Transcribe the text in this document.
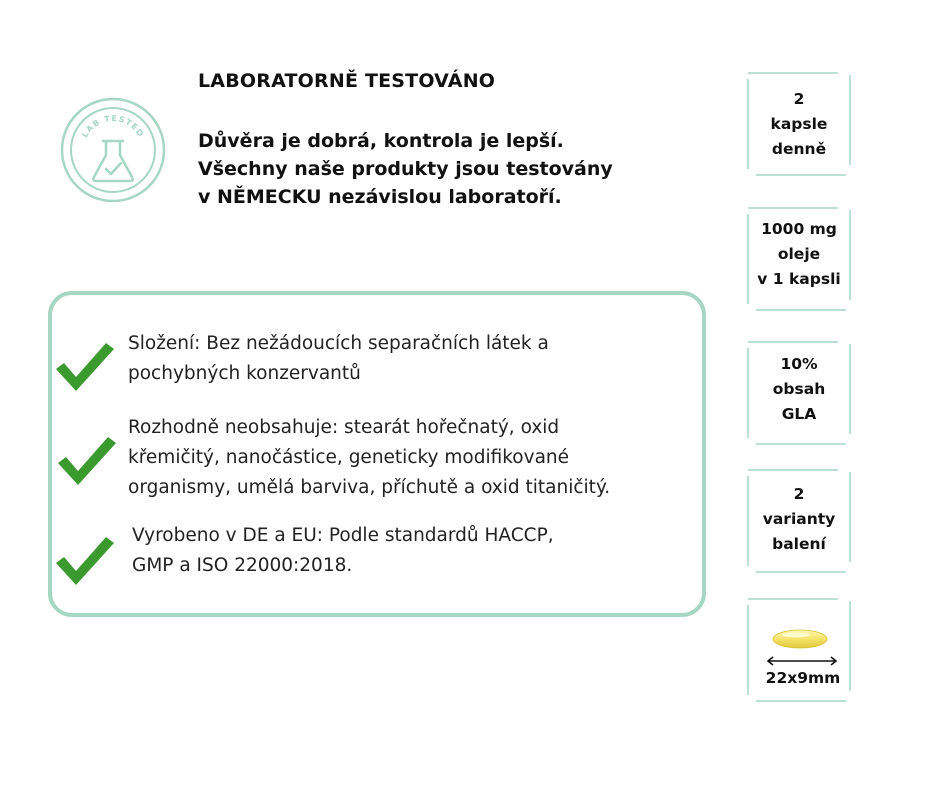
LAB TESTED
LABORATORNĚ TESTOVÁNO

Důvěra je dobrá, kontrola je lepší.
Všechny naše produkty jsou testovány
v NĚMECKU nezávislou laboratoří.

Složení: Bez nežádoucích separačních látek a
pochybných konzervantů

Rozhodně neobsahuje: stearát hořečnatý, oxid
křemičitý, nanočástice, geneticky modifikované
organismy, umělá barviva, příchutě a oxid titaničitý.

Vyrobeno v DE a EU: Podle standardů HACCP,
GMP a ISO 22000:2018.

2
kapsle
denně
1000 mg
oleje
v 1 kapsli
10%
obsah
GLA
2
varianty
balení
22x9mm
